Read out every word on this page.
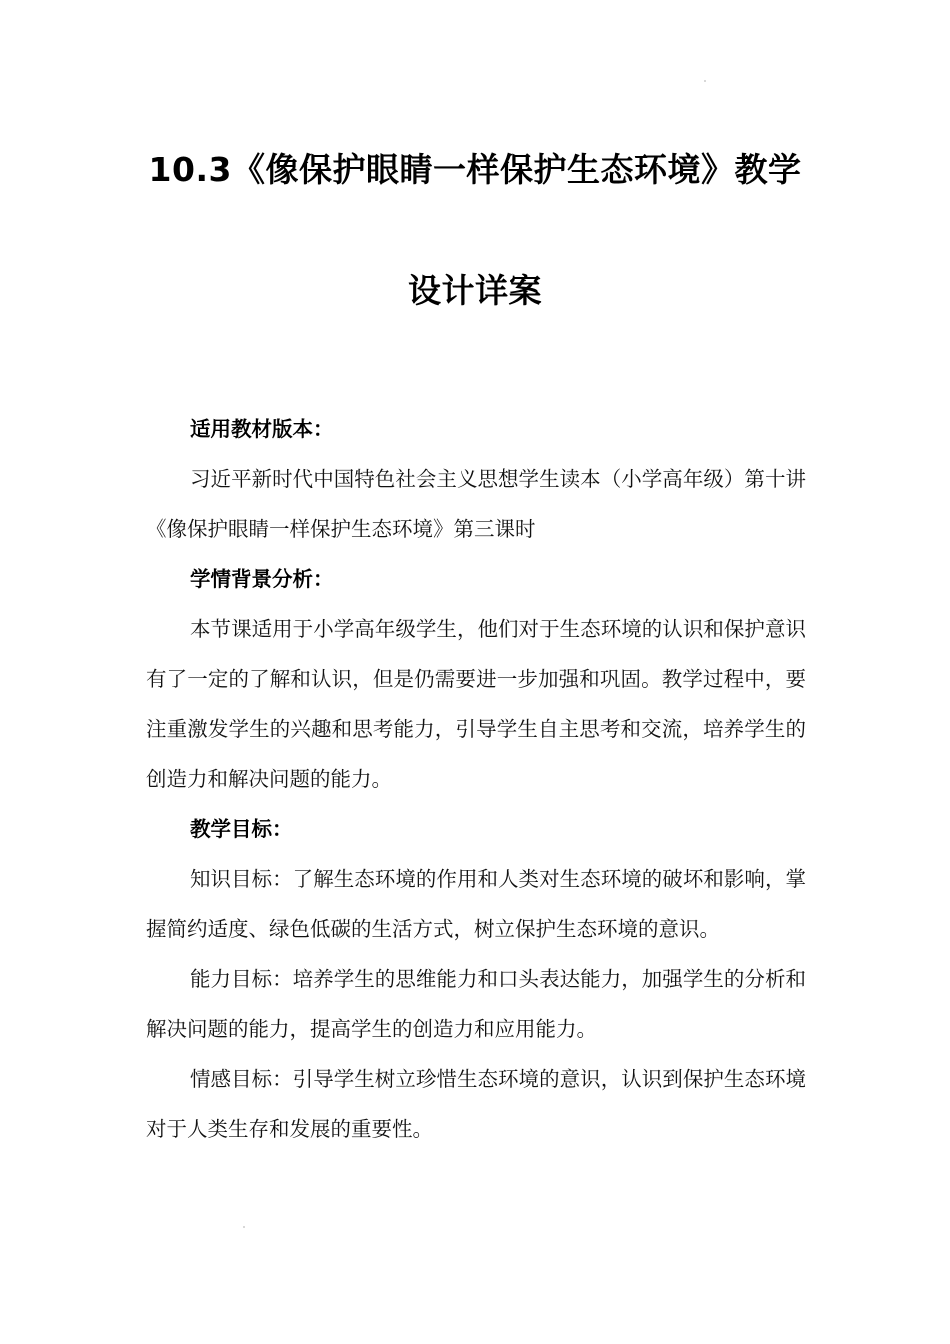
10.3《像保护眼睛一样保护生态环境》教学
设计详案

适用教材版本：

习近平新时代中国特色社会主义思想学生读本（小学高年级）第十讲《像保护眼睛一样保护生态环境》第三课时

学情背景分析：

本节课适用于小学高年级学生，他们对于生态环境的认识和保护意识有了一定的了解和认识，但是仍需要进一步加强和巩固。教学过程中，要注重激发学生的兴趣和思考能力，引导学生自主思考和交流，培养学生的创造力和解决问题的能力。

教学目标：

知识目标：了解生态环境的作用和人类对生态环境的破坏和影响，掌握简约适度、绿色低碳的生活方式，树立保护生态环境的意识。

能力目标：培养学生的思维能力和口头表达能力，加强学生的分析和解决问题的能力，提高学生的创造力和应用能力。

情感目标：引导学生树立珍惜生态环境的意识，认识到保护生态环境对于人类生存和发展的重要性。
